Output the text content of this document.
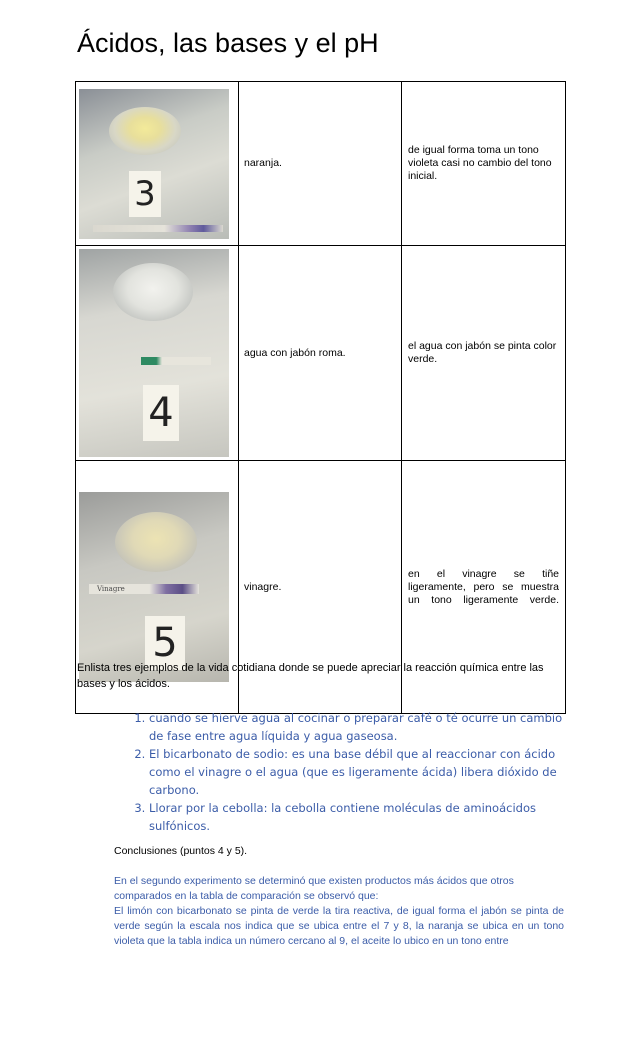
Ácidos, las bases y el pH
3	naranja.	de igual forma toma un tono violeta casi no cambio del tono inicial.

4	agua con jabón roma.	el agua con jabón se pinta color verde.

Vinagre
5	vinagre.	en el vinagre se tiñe ligeramente, pero se muestra un tono ligeramente verde.

Enlista tres ejemplos de la vida cotidiana donde se puede apreciar la reacción química entre las bases y los ácidos.

1. cuando se hierve agua al cocinar o preparar café o té ocurre un cambio de fase entre agua líquida y agua gaseosa.
2. El bicarbonato de sodio: es una base débil que al reaccionar con ácido como el vinagre o el agua (que es ligeramente ácida) libera dióxido de carbono.
3. Llorar por la cebolla: la cebolla contiene moléculas de aminoácidos sulfónicos.

Conclusiones (puntos 4 y 5).

En el segundo experimento se determinó que existen productos más ácidos que otros comparados en la tabla de comparación se observó que:

El limón con bicarbonato se pinta de verde la tira reactiva, de igual forma el jabón se pinta de verde según la escala nos indica que se ubica entre el 7 y 8, la naranja se ubica en un tono violeta que la tabla indica un número cercano al 9, el aceite lo ubico en un tono entre
